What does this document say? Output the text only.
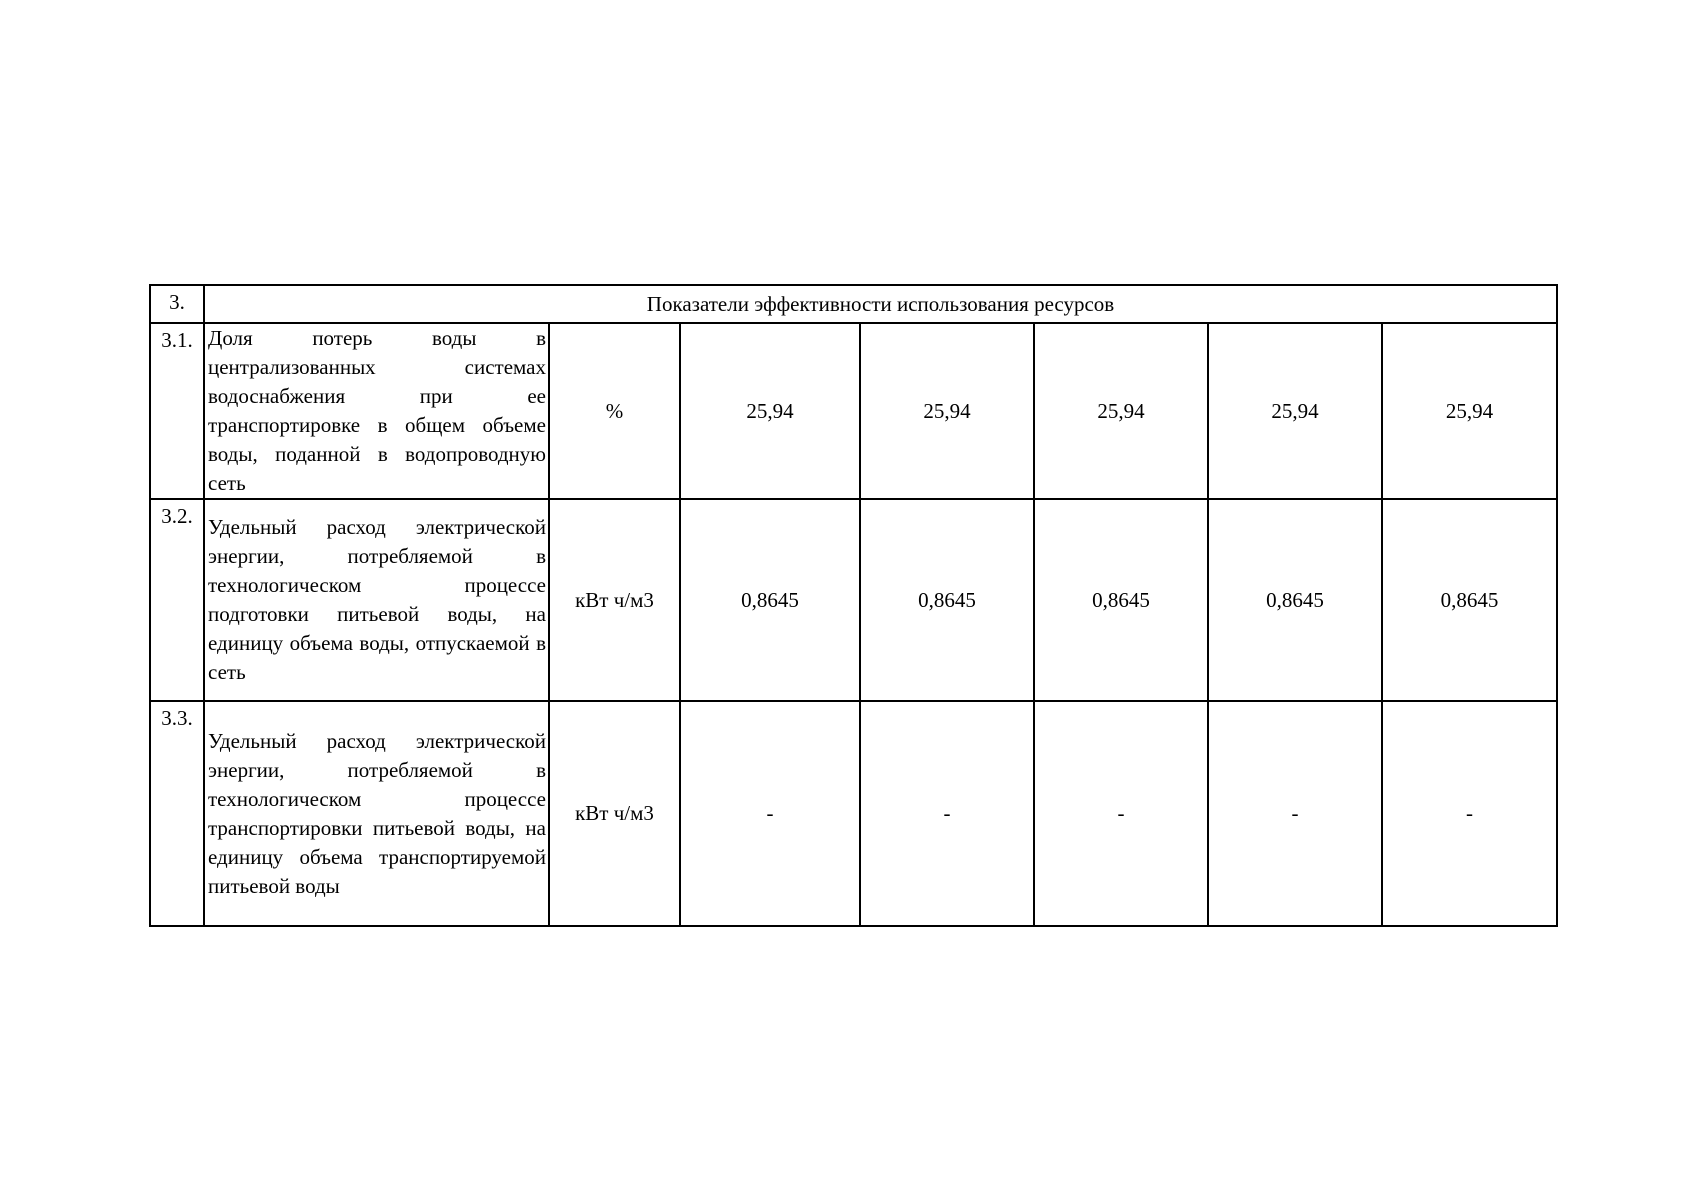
3.	Показатели эффективности использования ресурсов						
3.1.	Доля потерь воды в централизованных системах водоснабжения при ее транспортировке в общем объеме воды, поданной в водопроводную сеть	%	25,94	25,94	25,94	25,94	25,94
3.2.	Удельный расход электрической энергии, потребляемой в технологическом процессе подготовки питьевой воды, на единицу объема воды, отпускаемой в сеть	кВт ч/м3	0,8645	0,8645	0,8645	0,8645	0,8645
3.3.	Удельный расход электрической энергии, потребляемой в технологическом процессе транспортировки питьевой воды, на единицу объема транспортируемой питьевой воды	кВт ч/м3	-	-	-	-	-
